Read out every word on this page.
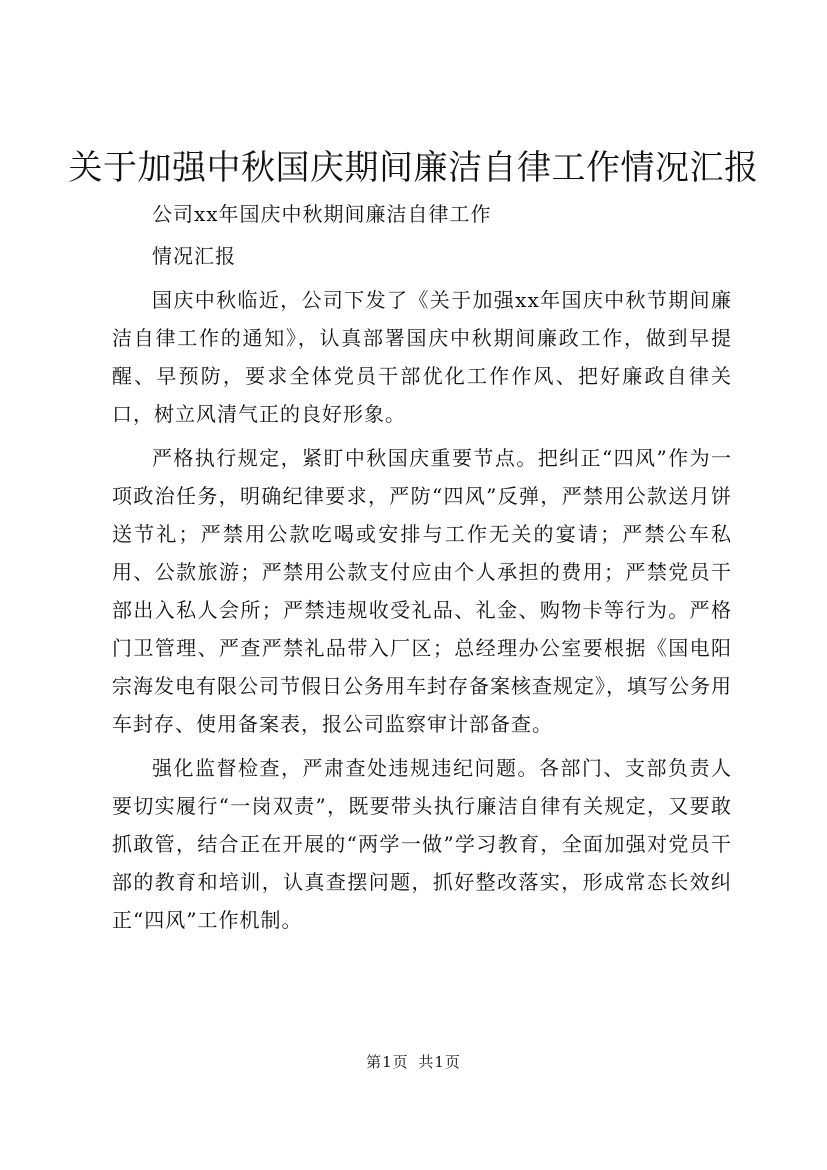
关于加强中秋国庆期间廉洁自律工作情况汇报

公司xx年国庆中秋期间廉洁自律工作

情况汇报

国庆中秋临近，公司下发了《关于加强xx年国庆中秋节期间廉洁自律工作的通知》，认真部署国庆中秋期间廉政工作，做到早提醒、早预防，要求全体党员干部优化工作作风、把好廉政自律关口，树立风清气正的良好形象。

严格执行规定，紧盯中秋国庆重要节点。把纠正“四风”作为一项政治任务，明确纪律要求，严防“四风”反弹，严禁用公款送月饼送节礼；严禁用公款吃喝或安排与工作无关的宴请；严禁公车私用、公款旅游；严禁用公款支付应由个人承担的费用；严禁党员干部出入私人会所；严禁违规收受礼品、礼金、购物卡等行为。严格门卫管理、严查严禁礼品带入厂区；总经理办公室要根据《国电阳宗海发电有限公司节假日公务用车封存备案核查规定》，填写公务用车封存、使用备案表，报公司监察审计部备查。

强化监督检查，严肃查处违规违纪问题。各部门、支部负责人要切实履行“一岗双责”，既要带头执行廉洁自律有关规定，又要敢抓敢管，结合正在开展的“两学一做”学习教育，全面加强对党员干部的教育和培训，认真查摆问题，抓好整改落实，形成常态长效纠正“四风”工作机制。

第1页 共1页
